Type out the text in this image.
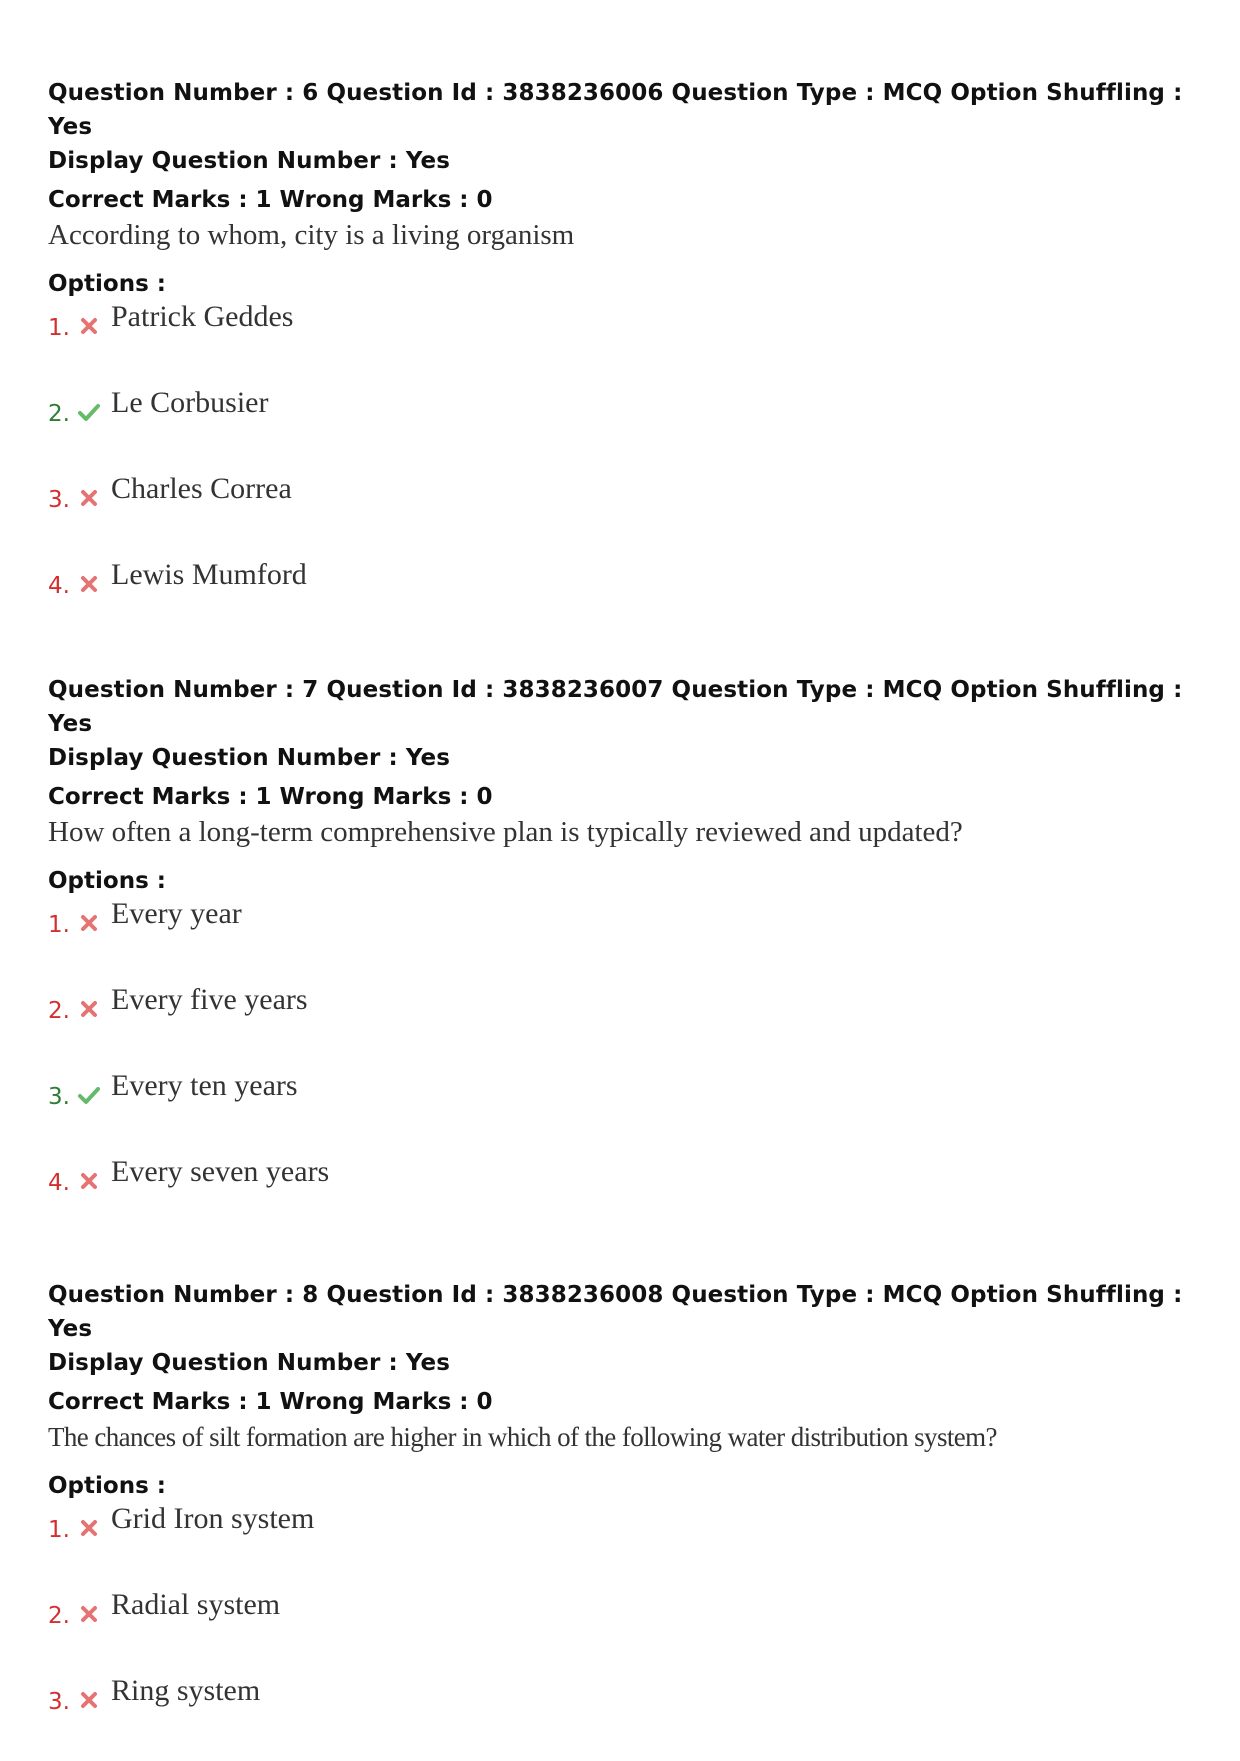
Question Number : 6 Question Id : 3838236006 Question Type : MCQ Option Shuffling : Yes
Display Question Number : Yes
Correct Marks : 1 Wrong Marks : 0
According to whom, city is a living organism
Options :
1. Patrick Geddes
2. Le Corbusier
3. Charles Correa
4. Lewis Mumford
Question Number : 7 Question Id : 3838236007 Question Type : MCQ Option Shuffling : Yes
Display Question Number : Yes
Correct Marks : 1 Wrong Marks : 0
How often a long-term comprehensive plan is typically reviewed and updated?
Options :
1. Every year
2. Every five years
3. Every ten years
4. Every seven years
Question Number : 8 Question Id : 3838236008 Question Type : MCQ Option Shuffling : Yes
Display Question Number : Yes
Correct Marks : 1 Wrong Marks : 0
The chances of silt formation are higher in which of the following water distribution system?
Options :
1. Grid Iron system
2. Radial system
3. Ring system
